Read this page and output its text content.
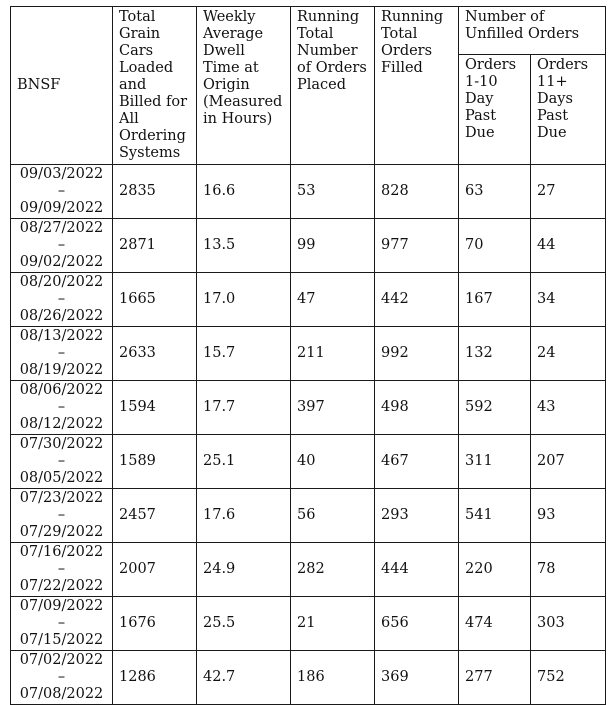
BNSF	Total Grain Cars Loaded and Billed for All Ordering Systems	Weekly Average Dwell Time at Origin (Measured in Hours)	Running Total Number of Orders Placed	Running Total Orders Filled	Number of Unfilled Orders	
					Orders 1-10 Day Past Due	Orders 11+ Days Past Due

09/03/2022
–
09/09/2022	2835	16.6	53	828	63	27

08/27/2022
–
09/02/2022	2871	13.5	99	977	70	44

08/20/2022
–
08/26/2022	1665	17.0	47	442	167	34

08/13/2022
–
08/19/2022	2633	15.7	211	992	132	24

08/06/2022
–
08/12/2022	1594	17.7	397	498	592	43

07/30/2022
–
08/05/2022	1589	25.1	40	467	311	207

07/23/2022
–
07/29/2022	2457	17.6	56	293	541	93

07/16/2022
–
07/22/2022	2007	24.9	282	444	220	78

07/09/2022
–
07/15/2022	1676	25.5	21	656	474	303

07/02/2022
–
07/08/2022	1286	42.7	186	369	277	752
